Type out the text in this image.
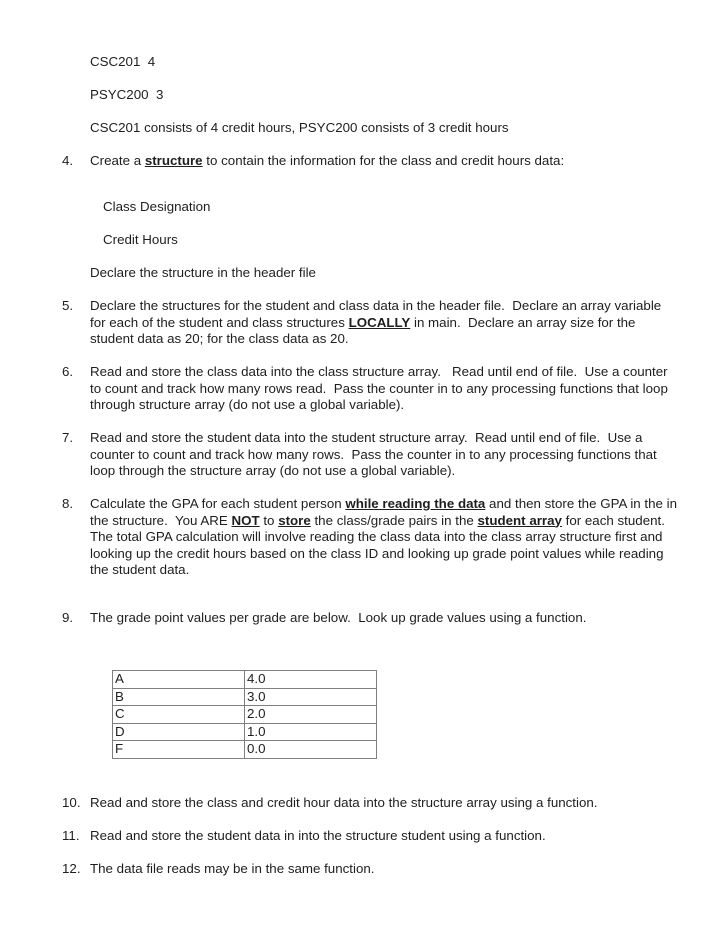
CSC201  4
PSYC200  3
CSC201 consists of 4 credit hours, PSYC200 consists of 3 credit hours
4.	Create a structure to contain the information for the class and credit hours data:
Class Designation
Credit Hours
Declare the structure in the header file
5.	Declare the structures for the student and class data in the header file.  Declare an array variable for each of the student and class structures LOCALLY in main.  Declare an array size for the student data as 20; for the class data as 20.
6.	Read and store the class data into the class structure array.   Read until end of file.  Use a counter to count and track how many rows read.  Pass the counter in to any processing functions that loop through structure array (do not use a global variable).
7.	Read and store the student data into the student structure array.  Read until end of file.  Use a counter to count and track how many rows.  Pass the counter in to any processing functions that loop through the structure array (do not use a global variable).
8.	Calculate the GPA for each student person while reading the data and then store the GPA in the in the structure.  You ARE NOT to store the class/grade pairs in the student array for each student.  The total GPA calculation will involve reading the class data into the class array structure first and looking up the credit hours based on the class ID and looking up grade point values while reading the student data.
9.	The grade point values per grade are below.  Look up grade values using a function.
A	4.0
B	3.0
C	2.0
D	1.0
F	0.0
10. Read and store the class and credit hour data into the structure array using a function.
11. Read and store the student data in into the structure student using a function.
12. The data file reads may be in the same function.
